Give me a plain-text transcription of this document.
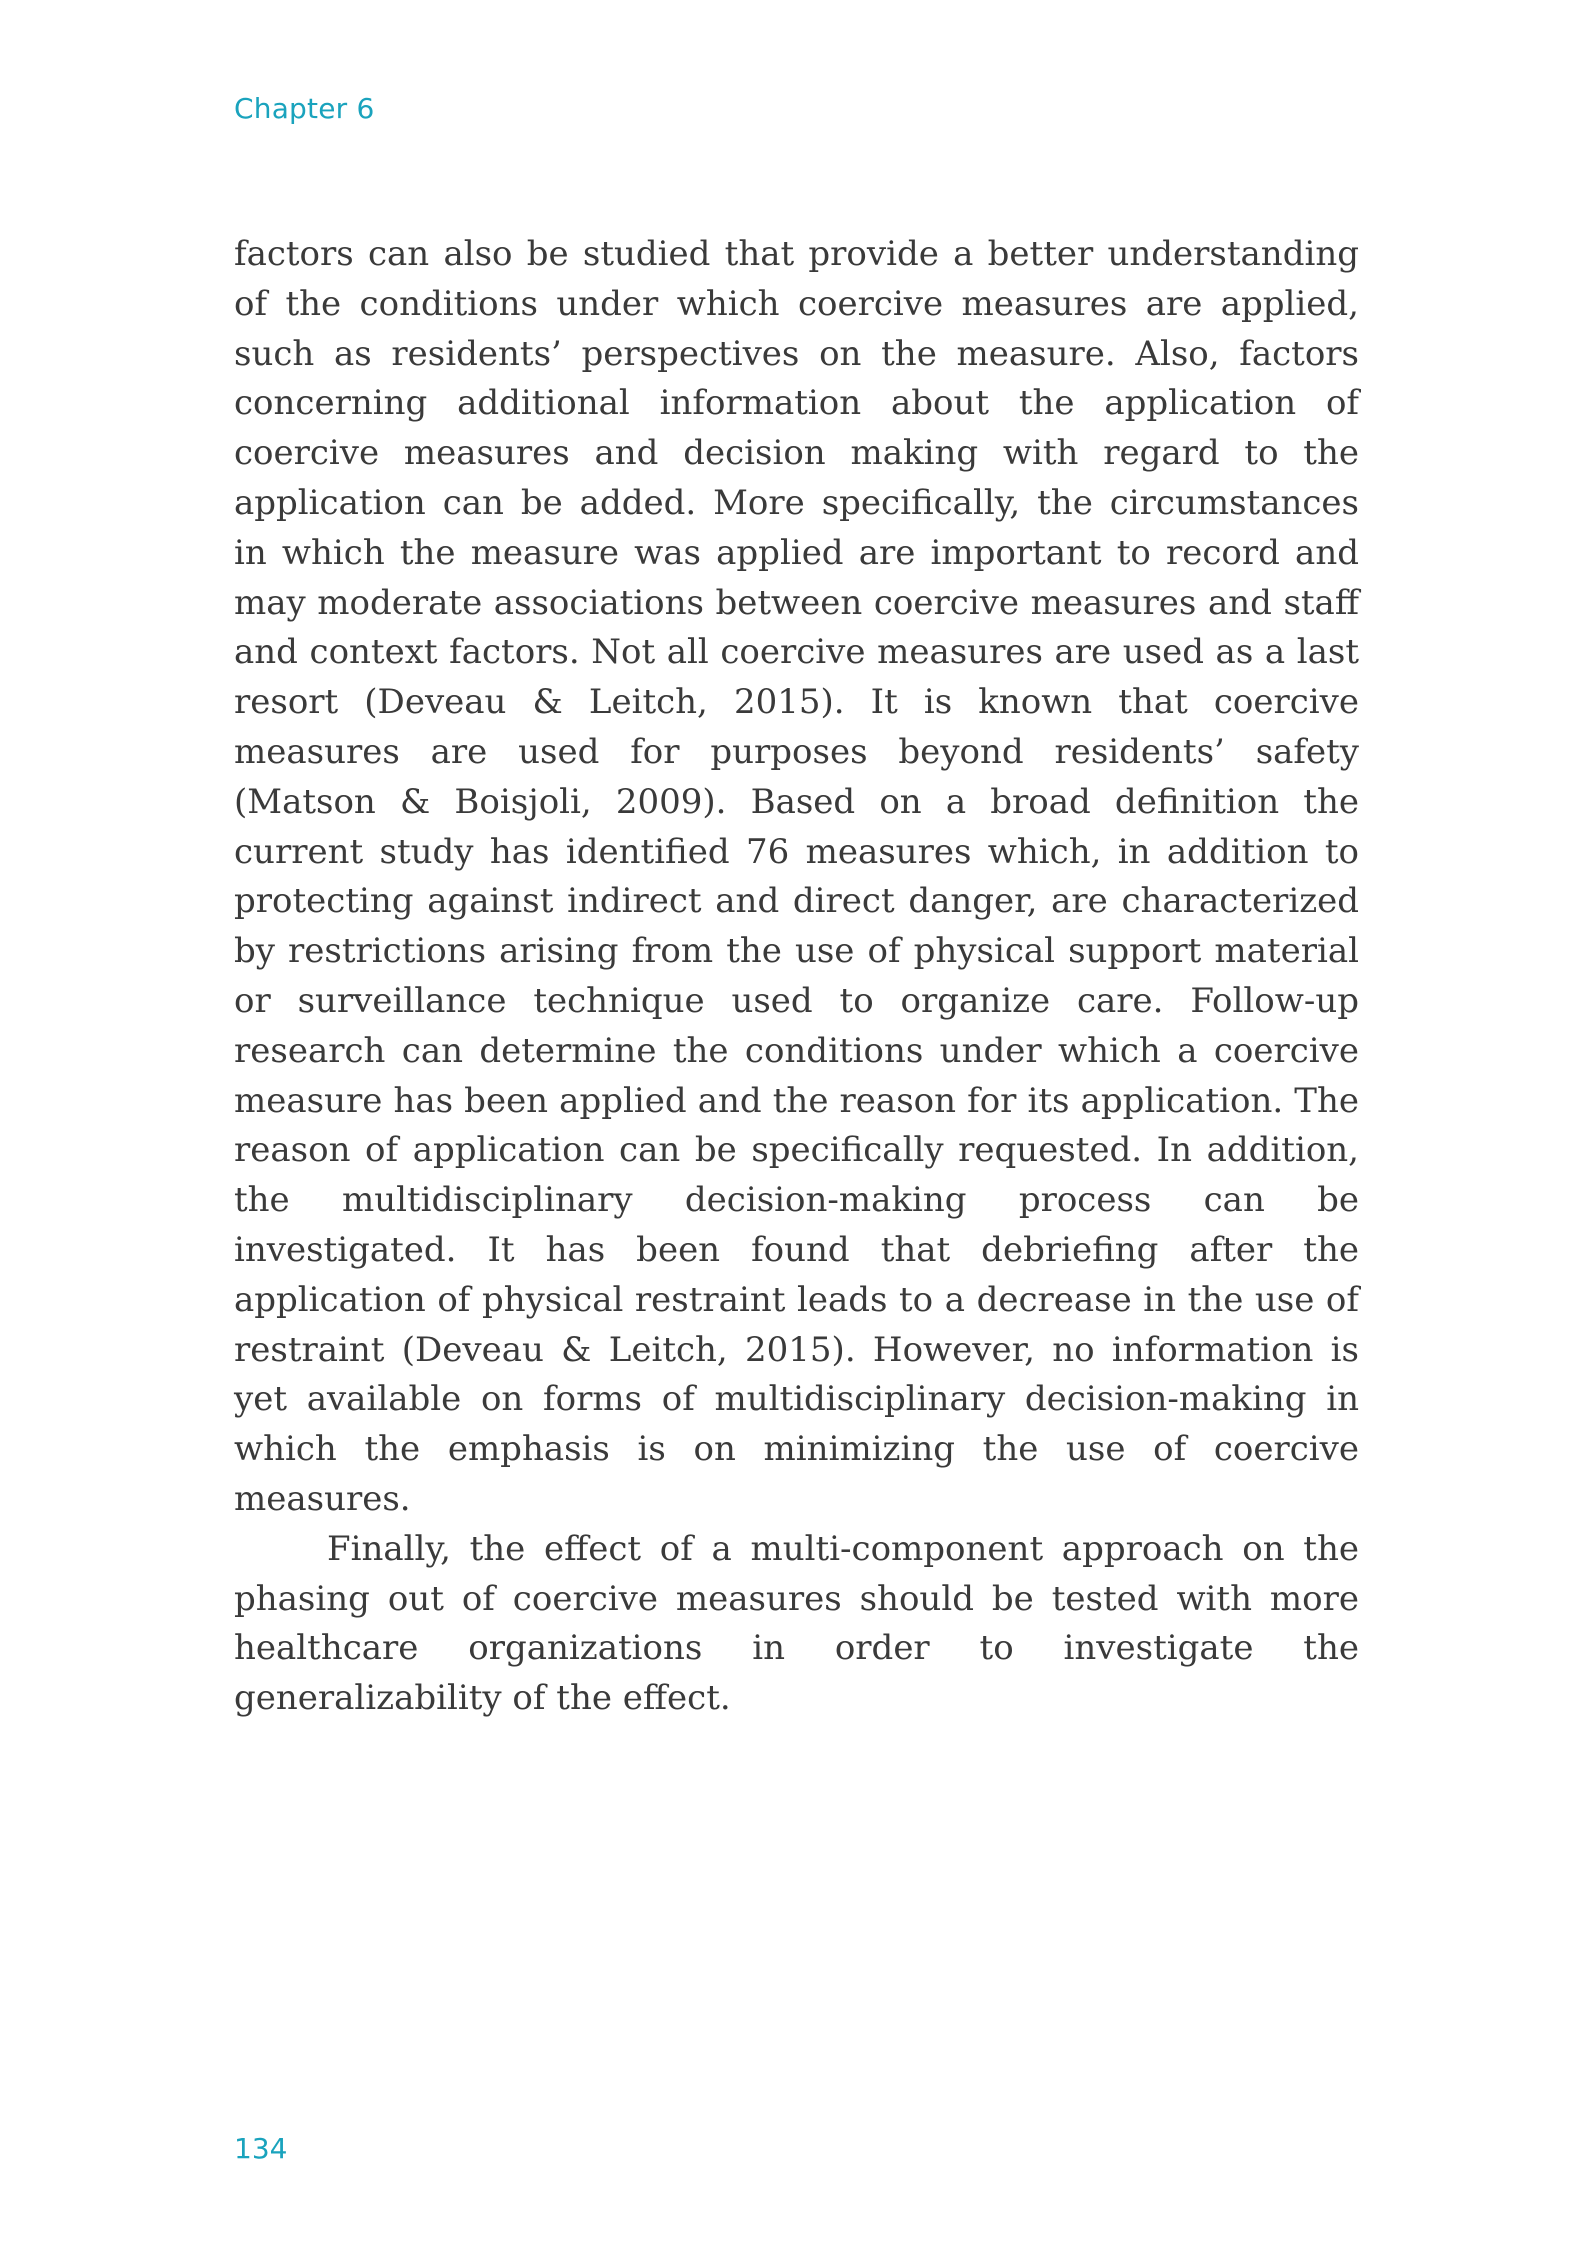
Chapter 6

factors can also be studied that provide a better understanding of the conditions under which coercive measures are applied, such as residents’ perspectives on the measure. Also, factors concerning additional information about the application of coercive measures and decision making with regard to the application can be added. More specifically, the circumstances in which the measure was applied are important to record and may moderate associations between coercive measures and staff and context factors. Not all coercive measures are used as a last resort (Deveau & Leitch, 2015). It is known that coercive measures are used for purposes beyond residents’ safety (Matson & Boisjoli, 2009). Based on a broad definition the current study has identified 76 measures which, in addition to protecting against indirect and direct danger, are characterized by restrictions arising from the use of physical support material or surveillance technique used to organize care. Follow-up research can determine the conditions under which a coercive measure has been applied and the reason for its application. The reason of application can be specifically requested. In addition, the multidisciplinary decision-making process can be investigated. It has been found that debriefing after the application of physical restraint leads to a decrease in the use of restraint (Deveau & Leitch, 2015). However, no information is yet available on forms of multidisciplinary decision-making in which the emphasis is on minimizing the use of coercive measures.

Finally, the effect of a multi-component approach on the phasing out of coercive measures should be tested with more healthcare organizations in order to investigate the generalizability of the effect.

134
